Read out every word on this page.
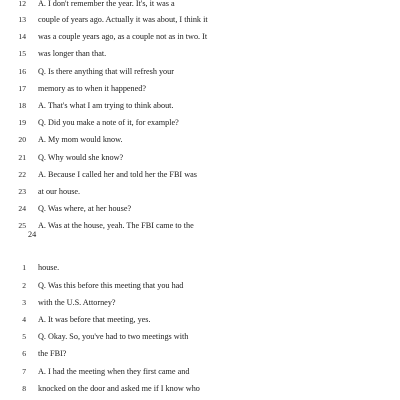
12 A. I don't remember the year. It's, it was a
13 couple of years ago. Actually it was about, I think it
14 was a couple years ago, as a couple not as in two. It
15 was longer than that.
16 Q. Is there anything that will refresh your
17 memory as to when it happened?
18 A. That's what I am trying to think about.
19 Q. Did you make a note of it, for example?
20 A. My mom would know.
21 Q. Why would she know?
22 A. Because I called her and told her the FBI was
23 at our house.
24 Q. Was where, at her house?
25 A. Was at the house, yeah. The FBI came to the
24
1 house.
2 Q. Was this before this meeting that you had
3 with the U.S. Attorney?
4 A. It was before that meeting, yes.
5 Q. Okay. So, you've had to two meetings with
6 the FBI?
7 A. I had the meeting when they first came and
8 knocked on the door and asked me if I know who
